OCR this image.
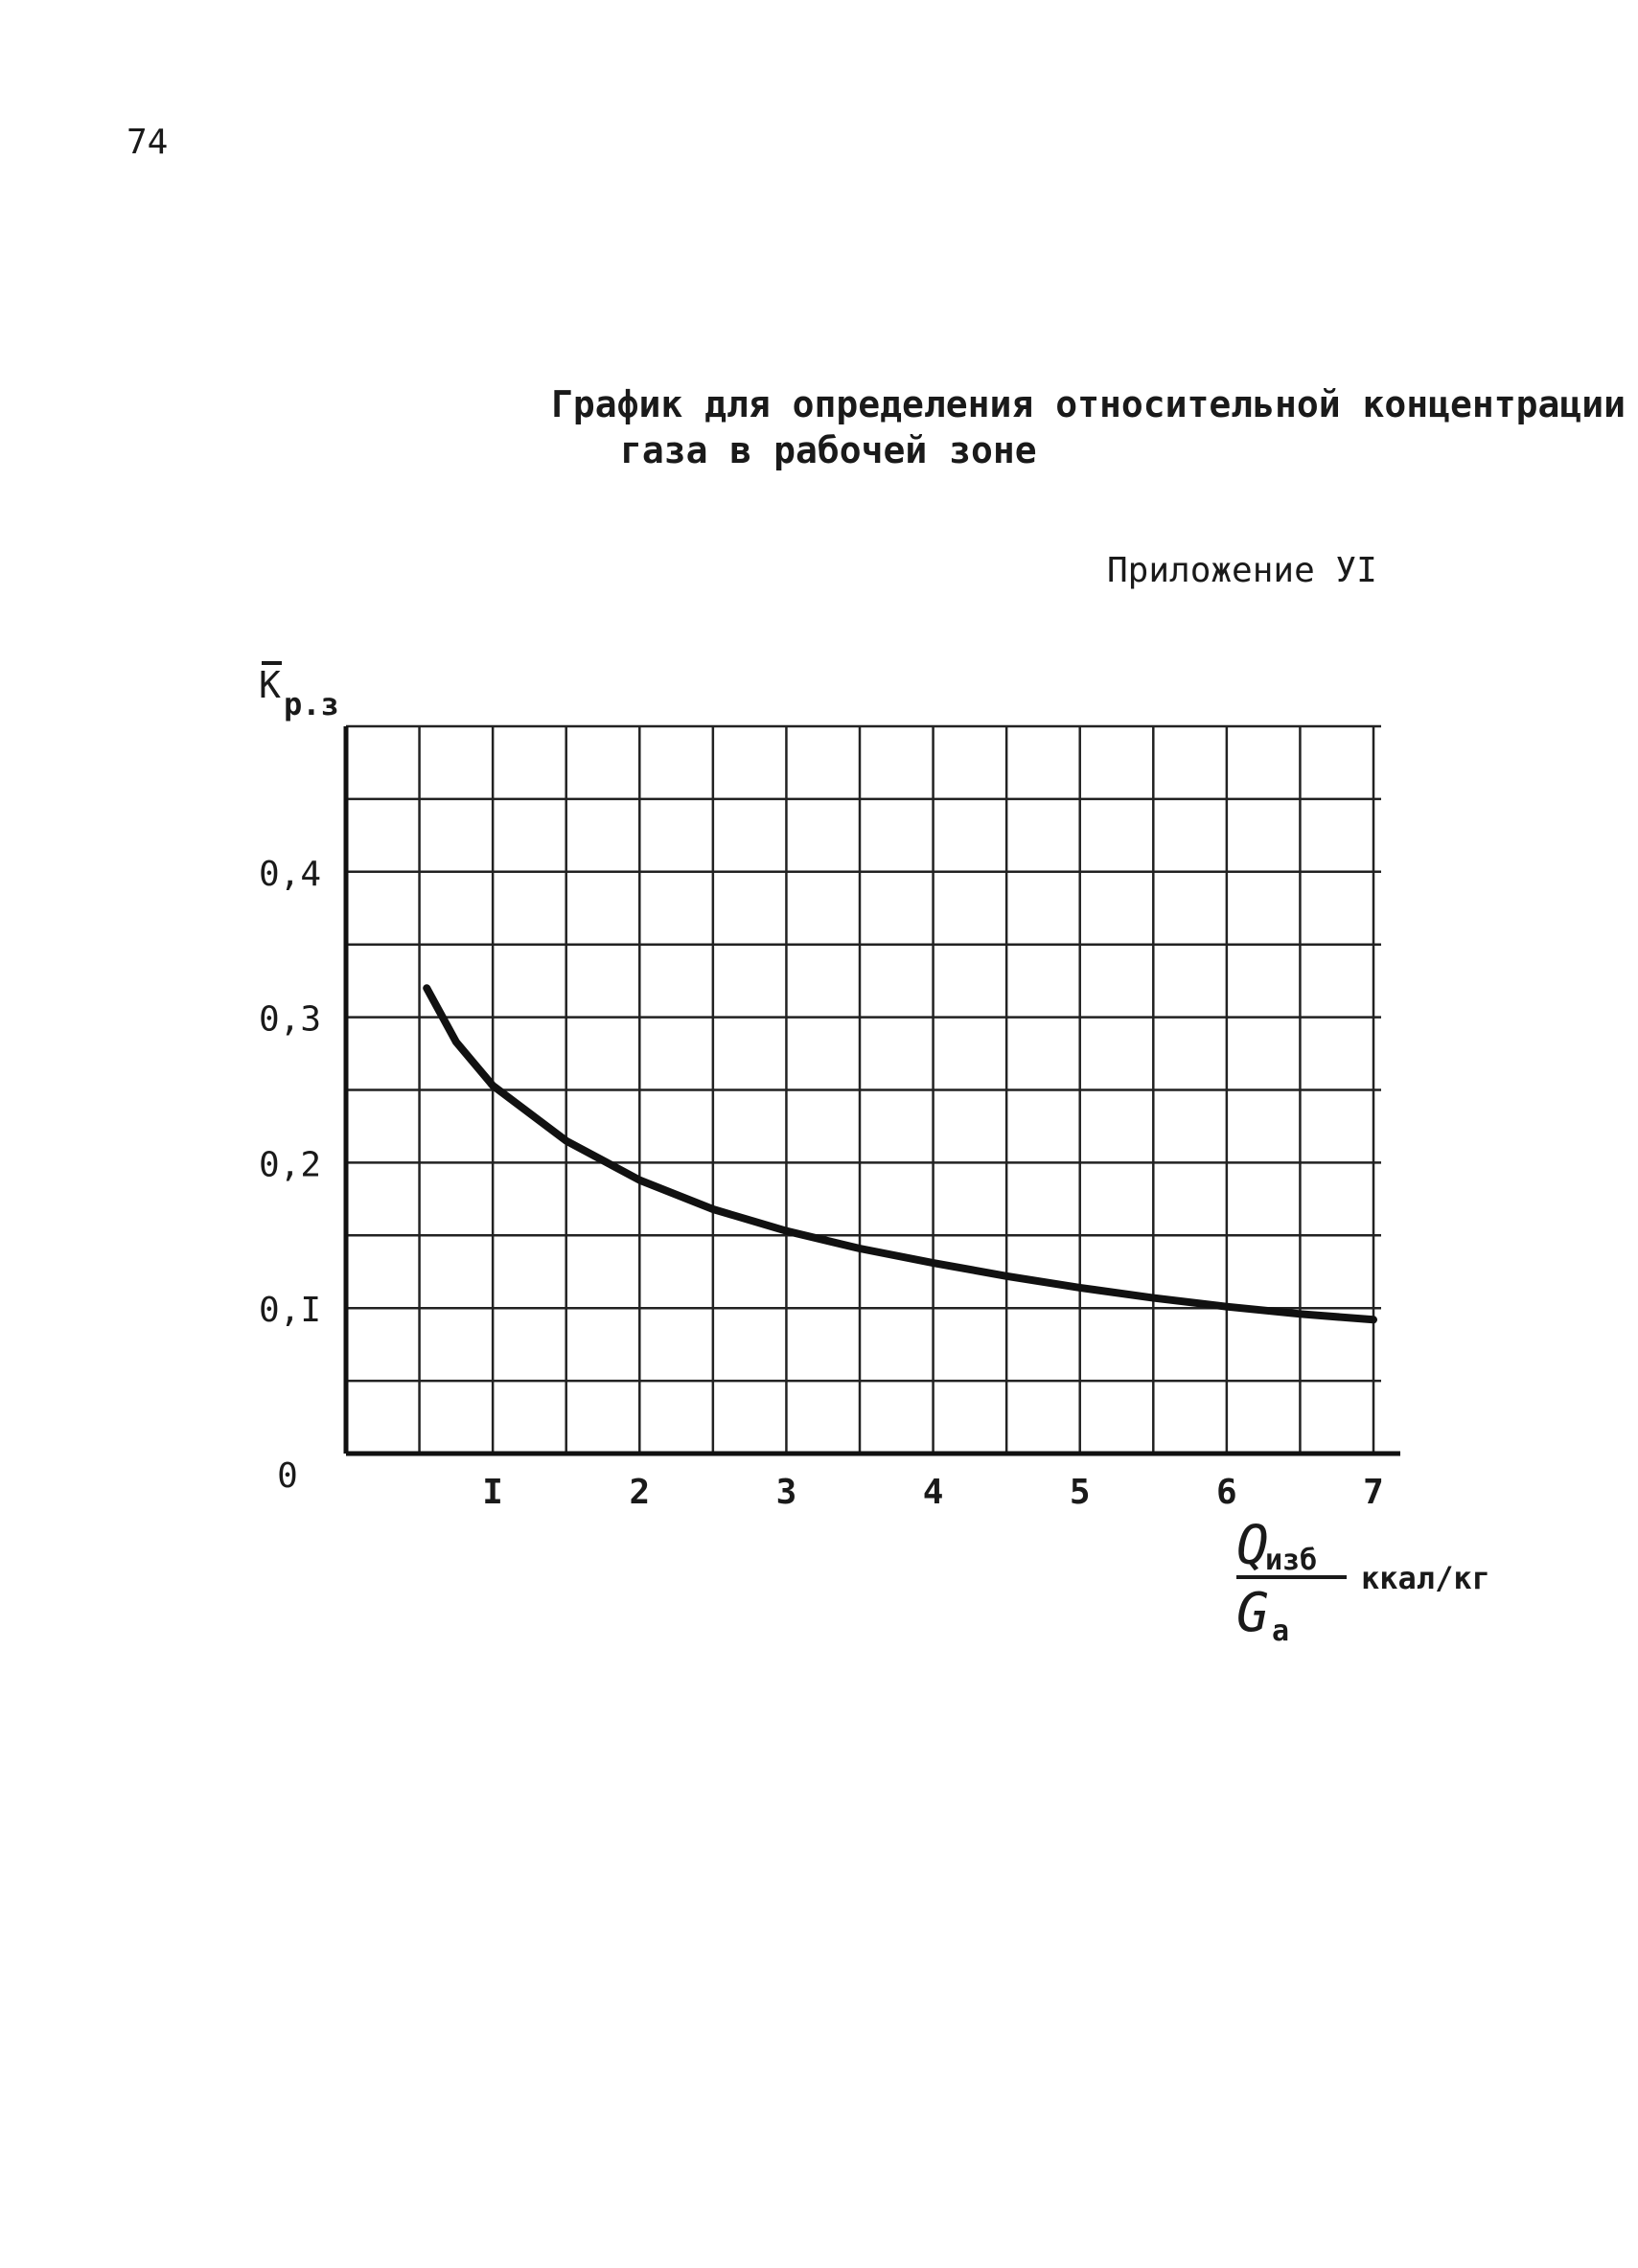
74
График для определения относительной концентрации
газа в рабочей зоне
Приложение УI
I	2	3	4	5	6	7
0,I
0,2
0,3
0,4
0
K р.з
Q
изб
G а
ккал/кг
